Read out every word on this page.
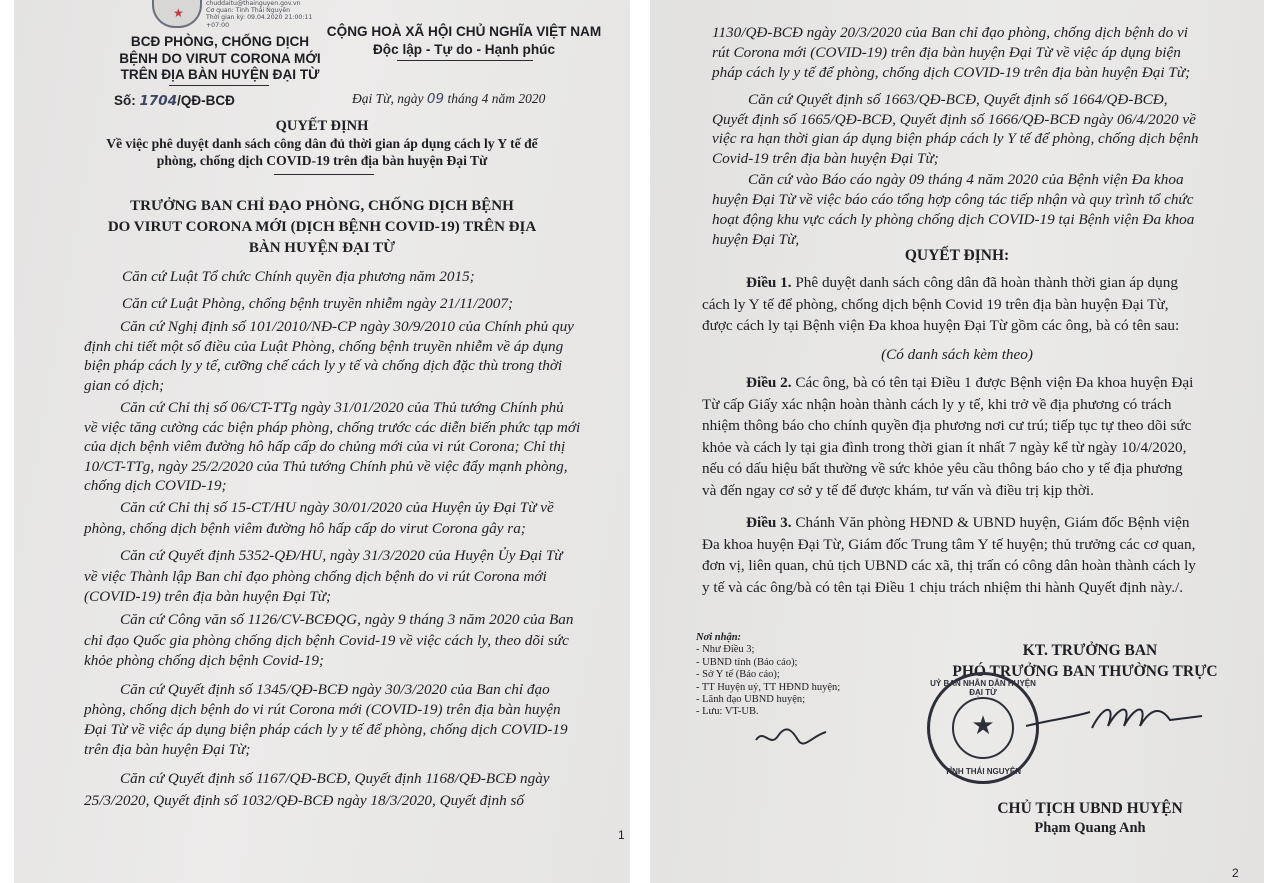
★
chuddaitu@thainguyen.gov.vn
Cơ quan: Tỉnh Thái Nguyên
Thời gian ký: 09.04.2020 21:00:11
+07:00
BCĐ PHÒNG, CHỐNG DỊCH
BỆNH DO VIRUT CORONA MỚI
TRÊN ĐỊA BÀN HUYỆN ĐẠI TỪ
CỘNG HOÀ XÃ HỘI CHỦ NGHĨA VIỆT NAM
Độc lập - Tự do - Hạnh phúc
Số: 1704/QĐ-BCĐ	Đại Từ, ngày 09 tháng 4 năm 2020
QUYẾT ĐỊNH
Về việc phê duyệt danh sách công dân đủ thời gian áp dụng cách ly Y tế để
phòng, chống dịch COVID-19 trên địa bàn huyện Đại Từ
TRƯỞNG BAN CHỈ ĐẠO PHÒNG, CHỐNG DỊCH BỆNH
DO VIRUT CORONA MỚI (DỊCH BỆNH COVID-19) TRÊN ĐỊA
BÀN HUYỆN ĐẠI TỪ
Căn cứ Luật Tổ chức Chính quyền địa phương năm 2015;
Căn cứ Luật Phòng, chống bệnh truyền nhiễm ngày 21/11/2007;
Căn cứ Nghị định số 101/2010/NĐ-CP ngày 30/9/2010 của Chính phủ quy
định chi tiết một số điều của Luật Phòng, chống bệnh truyền nhiễm về áp dụng
biện pháp cách ly y tế, cưỡng chế cách ly y tế và chống dịch đặc thù trong thời
gian có dịch;
Căn cứ Chỉ thị số 06/CT-TTg ngày 31/01/2020 của Thủ tướng Chính phủ
về việc tăng cường các biện pháp phòng, chống trước các diễn biến phức tạp mới
của dịch bệnh viêm đường hô hấp cấp do chủng mới của vi rút Corona; Chỉ thị
10/CT-TTg, ngày 25/2/2020 của Thủ tướng Chính phủ về việc đẩy mạnh phòng,
chống dịch COVID-19;
Căn cứ Chỉ thị số 15-CT/HU ngày 30/01/2020 của Huyện ủy Đại Từ về
phòng, chống dịch bệnh viêm đường hô hấp cấp do virut Corona gây ra;
Căn cứ Quyết định 5352-QĐ/HU, ngày 31/3/2020 của Huyện Ủy Đại Từ
về việc Thành lập Ban chỉ đạo phòng chống dịch bệnh do vi rút Corona mới
(COVID-19) trên địa bàn huyện Đại Từ;
Căn cứ Công văn số 1126/CV-BCĐQG, ngày 9 tháng 3 năm 2020 của Ban
chỉ đạo Quốc gia phòng chống dịch bệnh Covid-19 về việc cách ly, theo dõi sức
khỏe phòng chống dịch bệnh Covid-19;
Căn cứ Quyết định số 1345/QĐ-BCĐ ngày 30/3/2020 của Ban chỉ đạo
phòng, chống dịch bệnh do vi rút Corona mới (COVID-19) trên địa bàn huyện
Đại Từ về việc áp dụng biện pháp cách ly y tế để phòng, chống dịch COVID-19
trên địa bàn huyện Đại Từ;
Căn cứ Quyết định số 1167/QĐ-BCĐ, Quyết định 1168/QĐ-BCĐ ngày
25/3/2020, Quyết định số 1032/QĐ-BCĐ ngày 18/3/2020, Quyết định số
1
1130/QĐ-BCĐ ngày 20/3/2020 của Ban chỉ đạo phòng, chống dịch bệnh do vi
rút Corona mới (COVID-19) trên địa bàn huyện Đại Từ về việc áp dụng biện
pháp cách ly y tế để phòng, chống dịch COVID-19 trên địa bàn huyện Đại Từ;
Căn cứ Quyết định số 1663/QĐ-BCĐ, Quyết định số 1664/QĐ-BCĐ,
Quyết định số 1665/QĐ-BCĐ, Quyết định số 1666/QĐ-BCĐ ngày 06/4/2020 về
việc ra hạn thời gian áp dụng biện pháp cách ly Y tế để phòng, chống dịch bệnh
Covid-19 trên địa bàn huyện Đại Từ;
Căn cứ vào Báo cáo ngày 09 tháng 4 năm 2020 của Bệnh viện Đa khoa
huyện Đại Từ về việc báo cáo tổng hợp công tác tiếp nhận và quy trình tổ chức
hoạt động khu vực cách ly phòng chống dịch COVID-19 tại Bệnh viện Đa khoa
huyện Đại Từ,
QUYẾT ĐỊNH:
Điều 1. Phê duyệt danh sách công dân đã hoàn thành thời gian áp dụng
cách ly Y tế để phòng, chống dịch bệnh Covid 19 trên địa bàn huyện Đại Từ,
được cách ly tại Bệnh viện Đa khoa huyện Đại Từ gồm các ông, bà có tên sau:
(Có danh sách kèm theo)
Điều 2. Các ông, bà có tên tại Điều 1 được Bệnh viện Đa khoa huyện Đại
Từ cấp Giấy xác nhận hoàn thành cách ly y tế, khi trở về địa phương có trách
nhiệm thông báo cho chính quyền địa phương nơi cư trú; tiếp tục tự theo dõi sức
khỏe và cách ly tại gia đình trong thời gian ít nhất 7 ngày kể từ ngày 10/4/2020,
nếu có dấu hiệu bất thường về sức khỏe yêu cầu thông báo cho y tế địa phương
và đến ngay cơ sở y tế để được khám, tư vấn và điều trị kịp thời.
Điều 3. Chánh Văn phòng HĐND & UBND huyện, Giám đốc Bệnh viện
Đa khoa huyện Đại Từ, Giám đốc Trung tâm Y tế huyện; thủ trưởng các cơ quan,
đơn vị, liên quan, chủ tịch UBND các xã, thị trấn có công dân hoàn thành cách ly
y tế và các ông/bà có tên tại Điều 1 chịu trách nhiệm thi hành Quyết định này./.
Nơi nhận:
- Như Điều 3;
- UBND tỉnh (Báo cáo);
- Sở Y tế (Báo cáo);
- TT Huyện uỷ, TT HĐND huyện;
- Lãnh đạo UBND huyện;
- Lưu: VT-UB.
KT. TRƯỞNG BAN
PHÓ TRƯỞNG BAN THƯỜNG TRỰC
UỶ BAN NHÂN DÂN HUYỆN ĐẠI TỪ
★
TỈNH THÁI NGUYÊN
CHỦ TỊCH UBND HUYỆN
Phạm Quang Anh
2
